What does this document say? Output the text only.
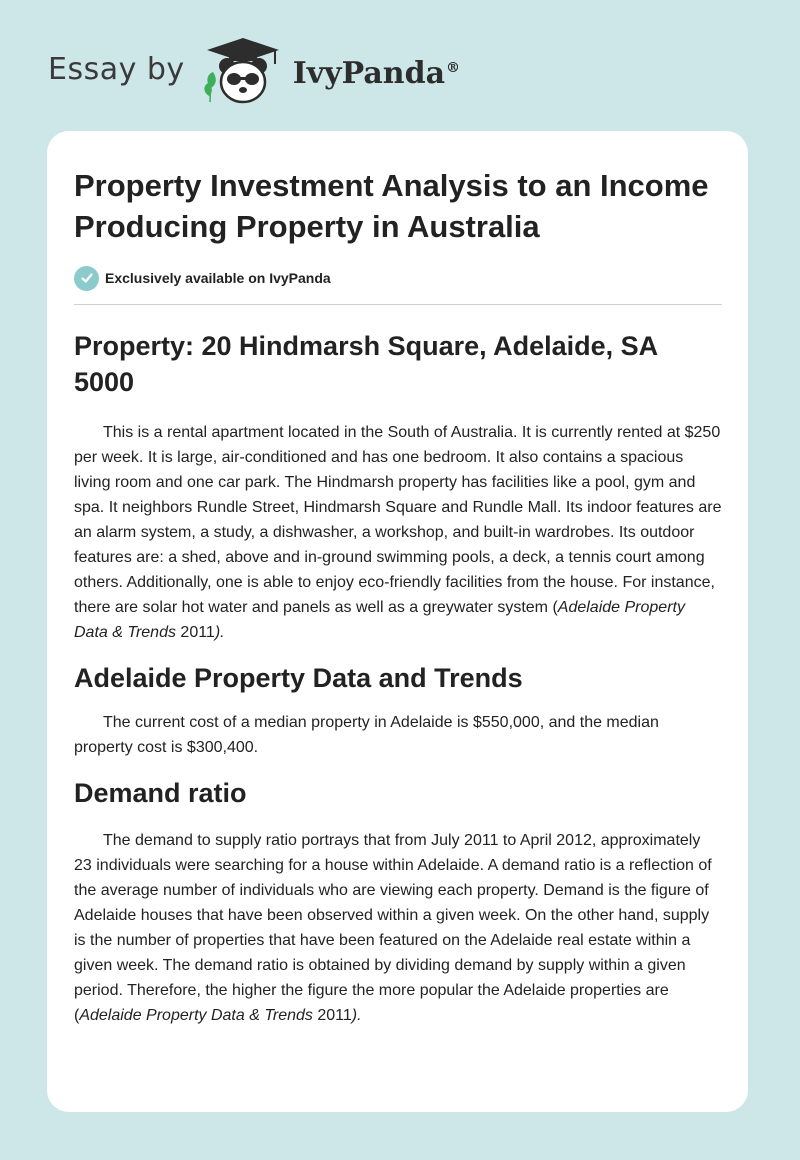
Essay by	IvyPanda®
Property Investment Analysis to an Income Producing Property in Australia
Exclusively available on IvyPanda
Property: 20 Hindmarsh Square, Adelaide, SA 5000

This is a rental apartment located in the South of Australia. It is currently rented at $250 per week. It is large, air-conditioned and has one bedroom. It also contains a spacious living room and one car park. The Hindmarsh property has facilities like a pool, gym and spa. It neighbors Rundle Street, Hindmarsh Square and Rundle Mall. Its indoor features are an alarm system, a study, a dishwasher, a workshop, and built-in wardrobes. Its outdoor features are: a shed, above and in-ground swimming pools, a deck, a tennis court among others. Additionally, one is able to enjoy eco-friendly facilities from the house. For instance, there are solar hot water and panels as well as a greywater system (Adelaide Property Data & Trends 2011).

Adelaide Property Data and Trends

The current cost of a median property in Adelaide is $550,000, and the median property cost is $300,400.

Demand ratio

The demand to supply ratio portrays that from July 2011 to April 2012, approximately 23 individuals were searching for a house within Adelaide. A demand ratio is a reflection of the average number of individuals who are viewing each property. Demand is the figure of Adelaide houses that have been observed within a given week. On the other hand, supply is the number of properties that have been featured on the Adelaide real estate within a given week. The demand ratio is obtained by dividing demand by supply within a given period. Therefore, the higher the figure the more popular the Adelaide properties are (Adelaide Property Data & Trends 2011).
